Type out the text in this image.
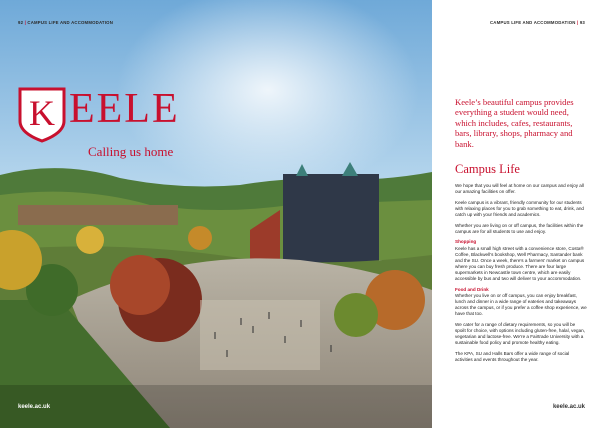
92 | CAMPUS LIFE AND ACCOMMODATION
K EELE
Calling us home
keele.ac.uk
CAMPUS LIFE AND ACCOMMODATION | 93
keele.ac.uk
Keele’s beautiful campus provides everything a student would need, which includes, cafes, restaurants, bars, library, shops, pharmacy and bank.
Campus Life

We hope that you will feel at home on our campus and enjoy all our amazing facilities on offer.

Keele campus is a vibrant, friendly community for our students with relaxing places for you to grab something to eat, drink, and catch up with your friends and academics.

Whether you are living on or off campus, the facilities within the campus are for all students to use and enjoy.

Shopping

Keele has a small high street with a convenience store, Costa® Coffee, Blackwell’s bookshop, Well Pharmacy, Santander bank and the SU. Once a week, there’s a farmers’ market on campus where you can buy fresh produce. There are four large supermarkets in Newcastle town centre, which are easily accessible by bus and two will deliver to your accommodation.

Food and Drink

Whether you live on or off campus, you can enjoy breakfast, lunch and dinner in a wide range of eateries and takeaways across the campus, or if you prefer a coffee shop experience, we have that too.

We cater for a range of dietary requirements, so you will be spoilt for choice, with options including gluten-free, halal, vegan, vegetarian and lactose-free. We’re a Fairtrade University with a sustainable food policy and promote healthy eating.

The KPA, SU and Halls Bars offer a wide range of social activities and events throughout the year.
